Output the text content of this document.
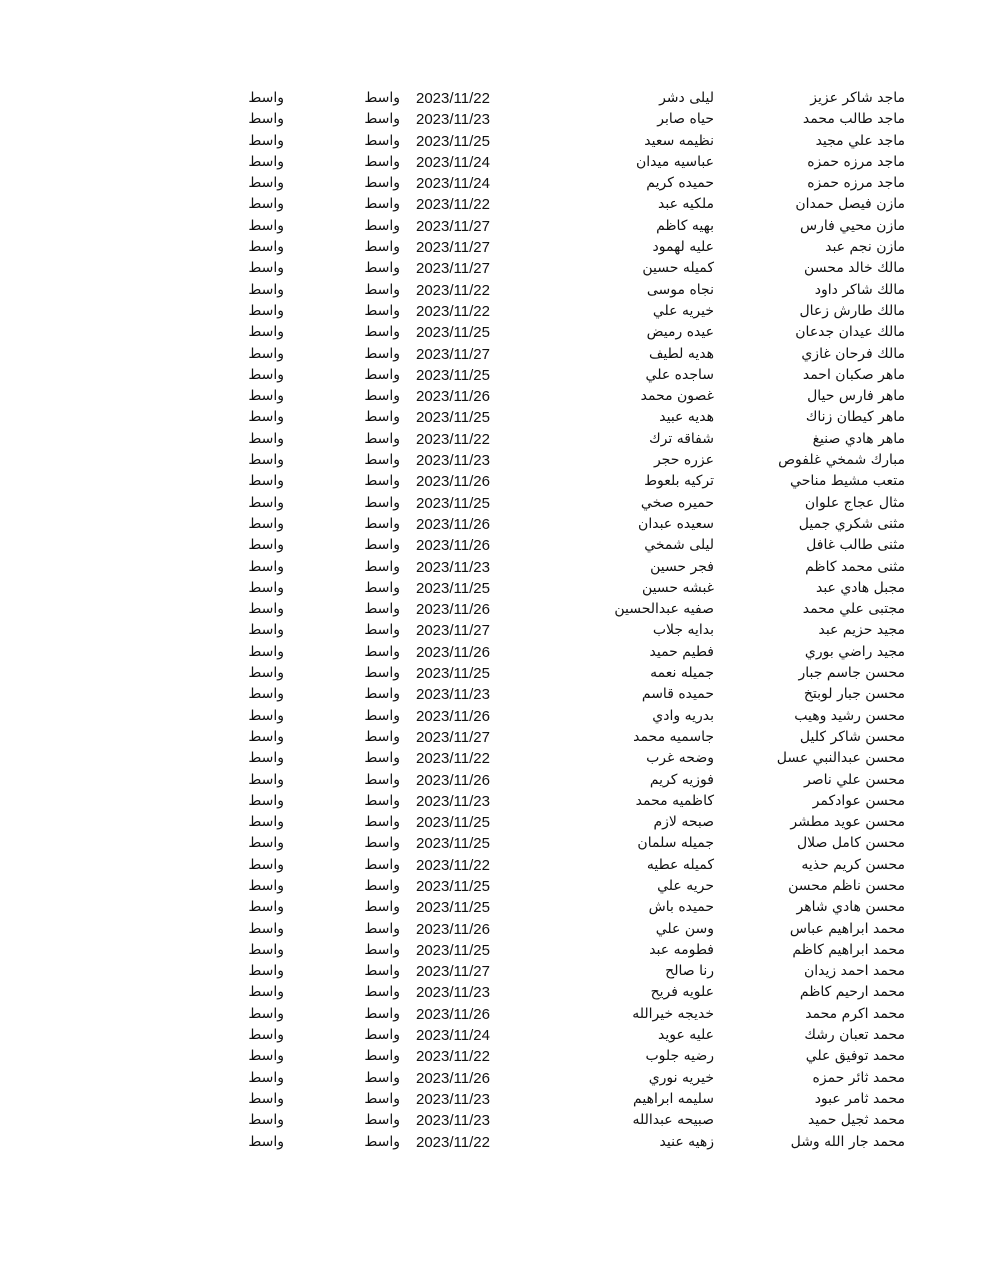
ماجد شاكر عزيز
ليلى دشر
2023/11/22
واسط
واسط
ماجد طالب محمد
حياه صابر
2023/11/23
واسط
واسط
ماجد علي مجيد
نظيمه سعيد
2023/11/25
واسط
واسط
ماجد مرزه حمزه
عباسيه ميدان
2023/11/24
واسط
واسط
ماجد مرزه حمزه
حميده كريم
2023/11/24
واسط
واسط
مازن فيصل حمدان
ملكيه عبد
2023/11/22
واسط
واسط
مازن محيي فارس
بهيه كاظم
2023/11/27
واسط
واسط
مازن نجم عبد
عليه لهمود
2023/11/27
واسط
واسط
مالك خالد محسن
كميله حسين
2023/11/27
واسط
واسط
مالك شاكر داود
نجاه موسى
2023/11/22
واسط
واسط
مالك طارش زعال
خيريه علي
2023/11/22
واسط
واسط
مالك عيدان جدعان
عيده رميض
2023/11/25
واسط
واسط
مالك فرحان غازي
هديه لطيف
2023/11/27
واسط
واسط
ماهر صكبان احمد
ساجده علي
2023/11/25
واسط
واسط
ماهر فارس حيال
غصون محمد
2023/11/26
واسط
واسط
ماهر كيطان زناك
هديه عبيد
2023/11/25
واسط
واسط
ماهر هادي صنيغ
شفاقه ترك
2023/11/22
واسط
واسط
مبارك شمخي غلفوص
عزره حجر
2023/11/23
واسط
واسط
متعب مشيط مناحي
تركيه بلعوط
2023/11/26
واسط
واسط
مثال عجاج علوان
حميره صخي
2023/11/25
واسط
واسط
مثنى شكري جميل
سعيده عبدان
2023/11/26
واسط
واسط
مثنى طالب غافل
ليلى شمخي
2023/11/26
واسط
واسط
مثنى محمد كاظم
فجر حسين
2023/11/23
واسط
واسط
مجبل هادي عبد
غبشه حسين
2023/11/25
واسط
واسط
مجتبى علي محمد
صفيه عبدالحسين
2023/11/26
واسط
واسط
مجيد حزيم عبد
بدايه جلاب
2023/11/27
واسط
واسط
مجيد راضي بوري
فطيم حميد
2023/11/26
واسط
واسط
محسن جاسم جبار
جميله نعمه
2023/11/25
واسط
واسط
محسن جبار لوبتخ
حميده قاسم
2023/11/23
واسط
واسط
محسن رشيد وهيب
بدريه وادي
2023/11/26
واسط
واسط
محسن شاكر كليل
جاسميه محمد
2023/11/27
واسط
واسط
محسن عبدالنبي عسل
وضحه غرب
2023/11/22
واسط
واسط
محسن علي ناصر
فوزيه كريم
2023/11/26
واسط
واسط
محسن عوادكمر
كاظميه محمد
2023/11/23
واسط
واسط
محسن عويد مطشر
صبحه لازم
2023/11/25
واسط
واسط
محسن كامل صلال
جميله سلمان
2023/11/25
واسط
واسط
محسن كريم حذيه
كميله عطيه
2023/11/22
واسط
واسط
محسن ناظم محسن
حريه علي
2023/11/25
واسط
واسط
محسن هادي شاهر
حميده باش
2023/11/25
واسط
واسط
محمد ابراهيم عباس
وسن علي
2023/11/26
واسط
واسط
محمد ابراهيم كاظم
فطومه عبد
2023/11/25
واسط
واسط
محمد احمد زيدان
رنا صالح
2023/11/27
واسط
واسط
محمد ارحيم كاظم
علويه فريح
2023/11/23
واسط
واسط
محمد اكرم محمد
خديجه خيرالله
2023/11/26
واسط
واسط
محمد تعبان رشك
عليه عويد
2023/11/24
واسط
واسط
محمد توفيق علي
رضيه جلوب
2023/11/22
واسط
واسط
محمد ثائر حمزه
خيريه نوري
2023/11/26
واسط
واسط
محمد ثامر عبود
سليمه ابراهيم
2023/11/23
واسط
واسط
محمد ثجيل حميد
صبيحه عبدالله
2023/11/23
واسط
واسط
محمد جار الله وشل
زهيه عنيد
2023/11/22
واسط
واسط
